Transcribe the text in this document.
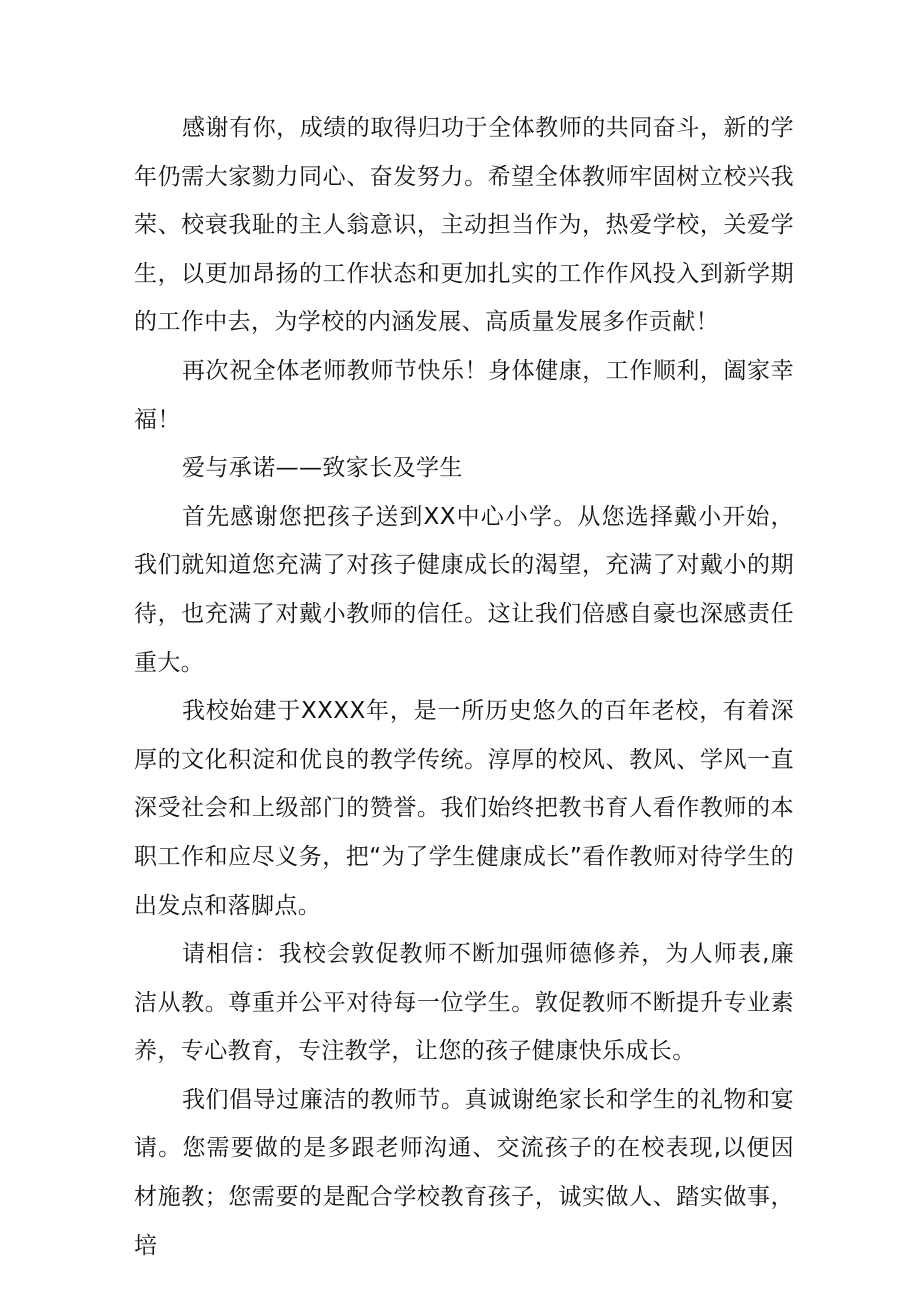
感谢有你，成绩的取得归功于全体教师的共同奋斗，新的学年仍需大家勠力同心、奋发努力。希望全体教师牢固树立校兴我荣、校衰我耻的主人翁意识，主动担当作为，热爱学校，关爱学生，以更加昂扬的工作状态和更加扎实的工作作风投入到新学期的工作中去，为学校的内涵发展、高质量发展多作贡献！

再次祝全体老师教师节快乐！身体健康，工作顺利，阖家幸福！

爱与承诺——致家长及学生

首先感谢您把孩子送到XX中心小学。从您选择戴小开始，我们就知道您充满了对孩子健康成长的渴望，充满了对戴小的期待，也充满了对戴小教师的信任。这让我们倍感自豪也深感责任重大。

我校始建于XXXX年，是一所历史悠久的百年老校，有着深厚的文化积淀和优良的教学传统。淳厚的校风、教风、学风一直深受社会和上级部门的赞誉。我们始终把教书育人看作教师的本职工作和应尽义务，把“为了学生健康成长”看作教师对待学生的出发点和落脚点。

请相信：我校会敦促教师不断加强师德修养，为人师表,廉洁从教。尊重并公平对待每一位学生。敦促教师不断提升专业素养，专心教育，专注教学，让您的孩子健康快乐成长。

我们倡导过廉洁的教师节。真诚谢绝家长和学生的礼物和宴请。您需要做的是多跟老师沟通、交流孩子的在校表现,以便因材施教；您需要的是配合学校教育孩子，诚实做人、踏实做事，培
